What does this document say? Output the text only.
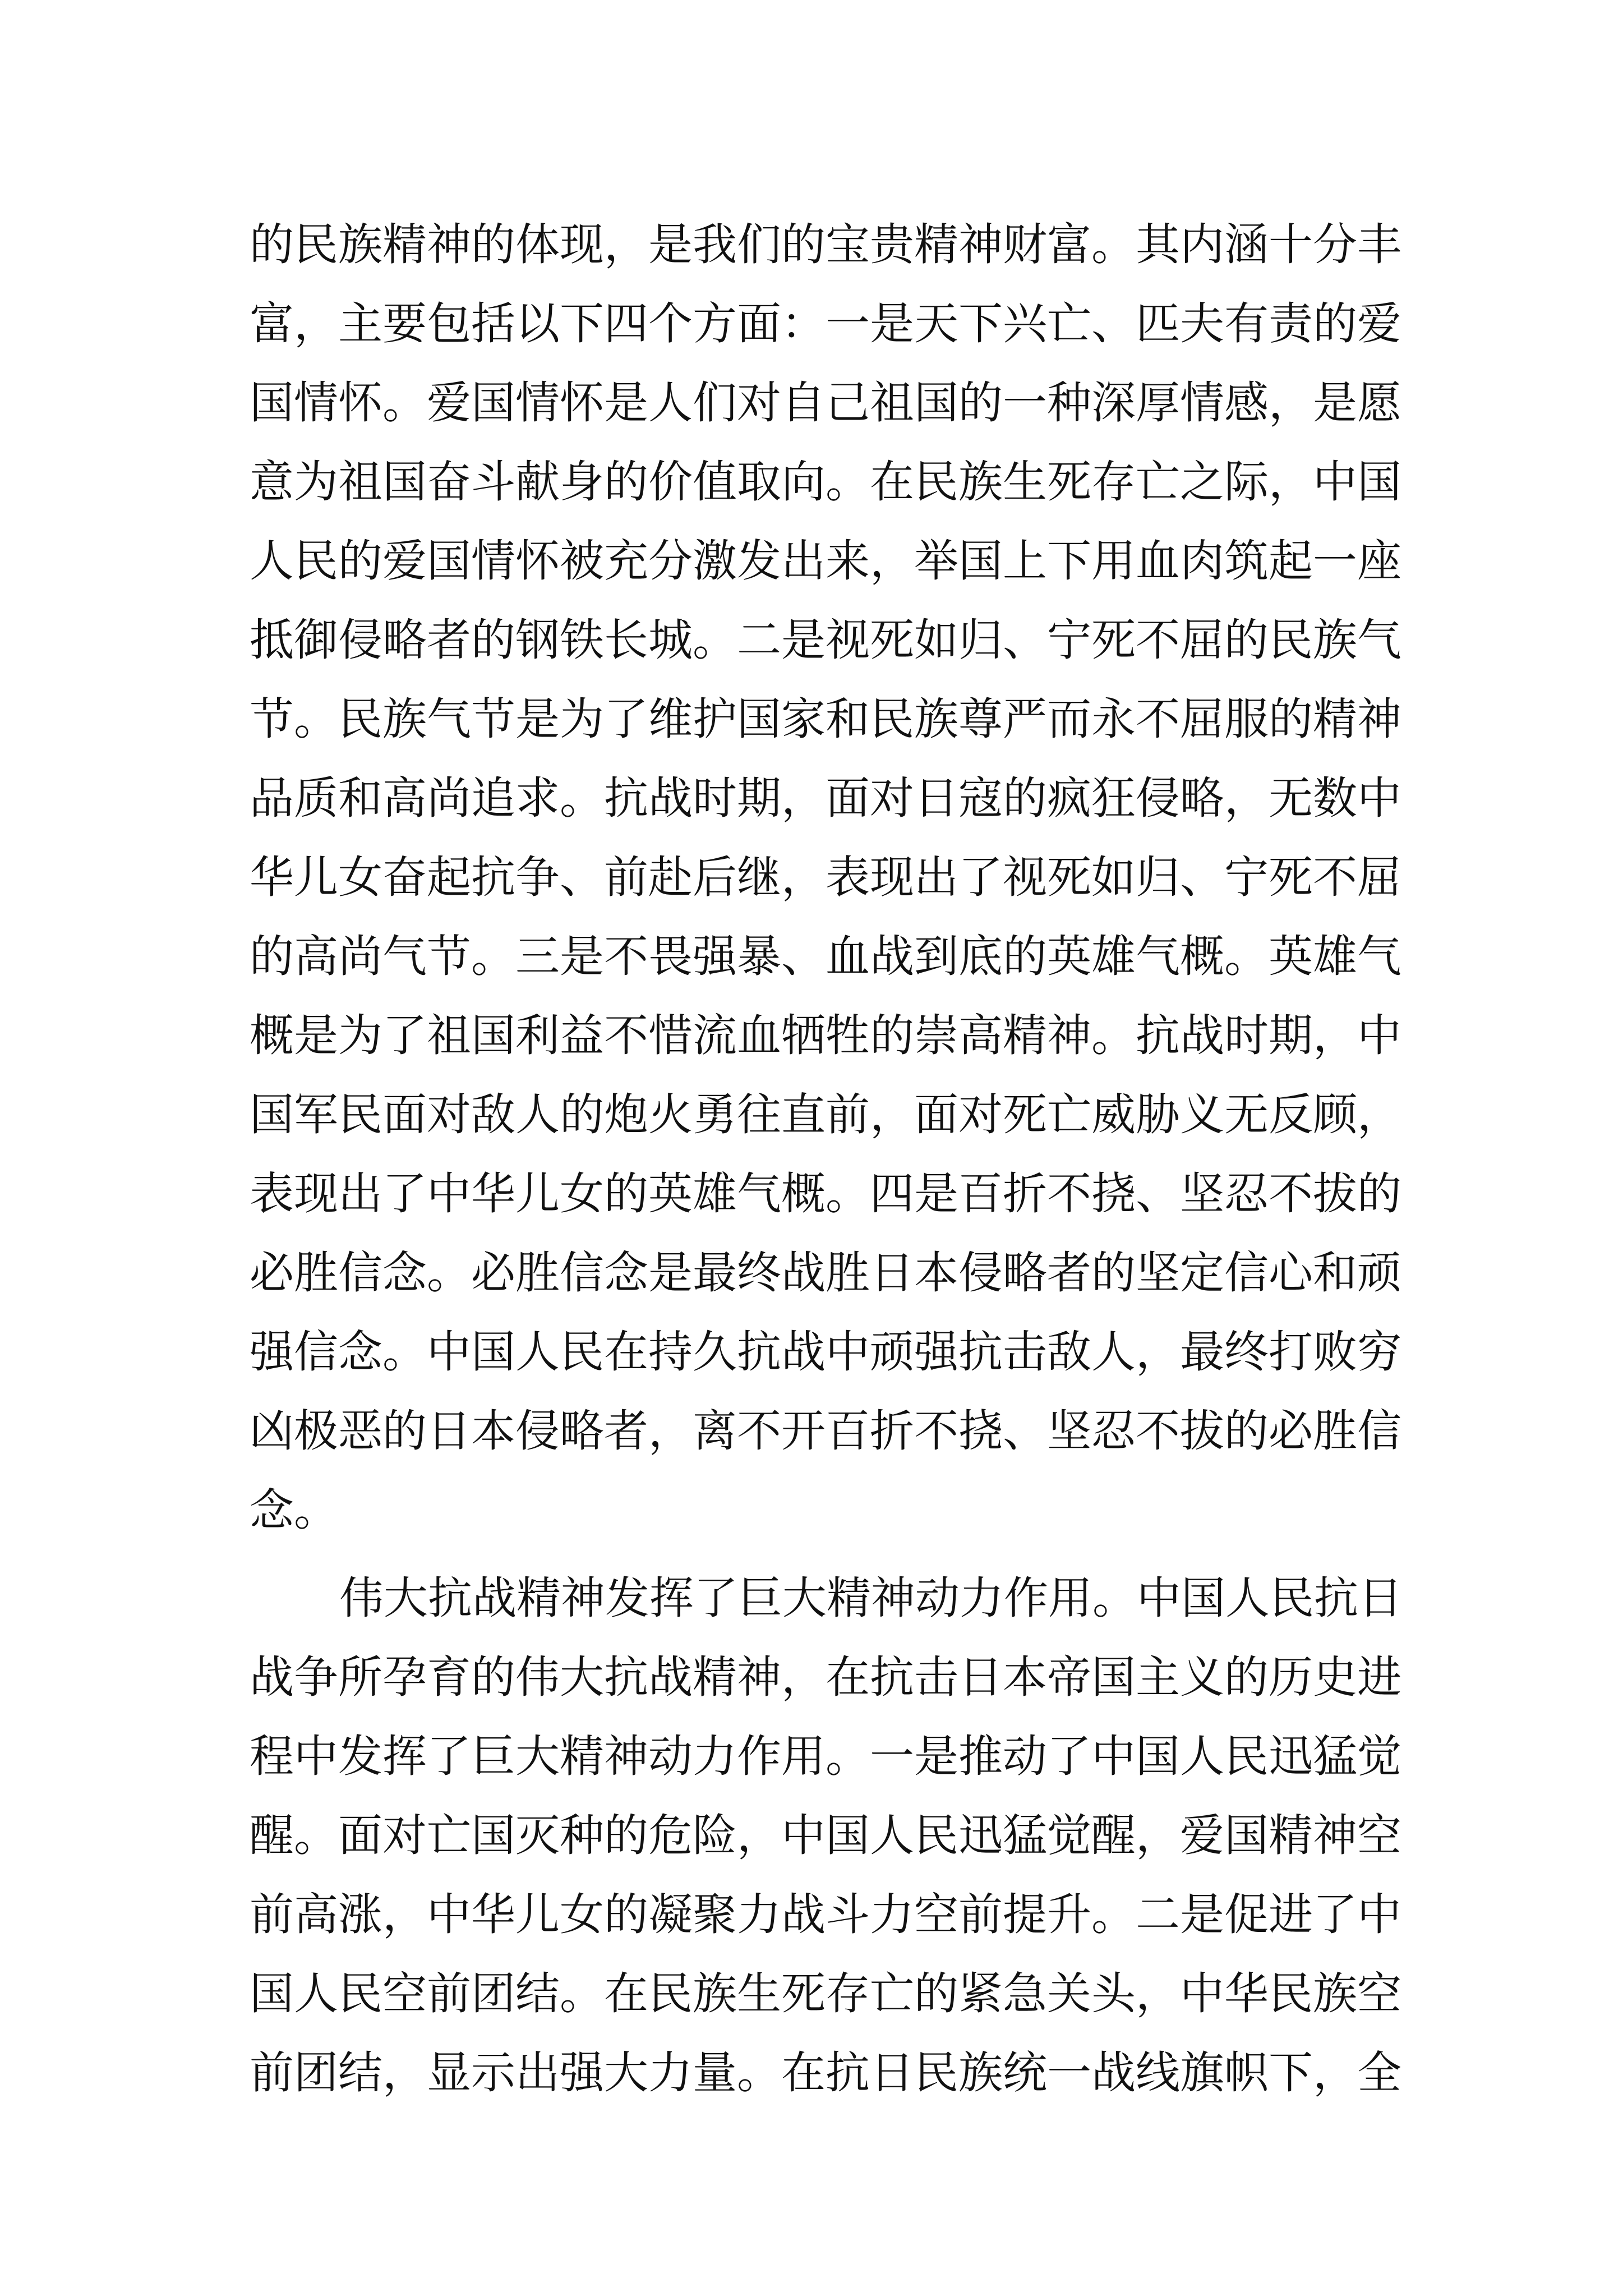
的民族精神的体现，是我们的宝贵精神财富。其内涵十分丰
富，主要包括以下四个方面：一是天下兴亡、匹夫有责的爱
国情怀。爱国情怀是人们对自己祖国的一种深厚情感，是愿
意为祖国奋斗献身的价值取向。在民族生死存亡之际，中国
人民的爱国情怀被充分激发出来，举国上下用血肉筑起一座
抵御侵略者的钢铁长城。二是视死如归、宁死不屈的民族气
节。民族气节是为了维护国家和民族尊严而永不屈服的精神
品质和高尚追求。抗战时期，面对日寇的疯狂侵略，无数中
华儿女奋起抗争、前赴后继，表现出了视死如归、宁死不屈
的高尚气节。三是不畏强暴、血战到底的英雄气概。英雄气
概是为了祖国利益不惜流血牺牲的崇高精神。抗战时期，中
国军民面对敌人的炮火勇往直前，面对死亡威胁义无反顾，
表现出了中华儿女的英雄气概。四是百折不挠、坚忍不拔的
必胜信念。必胜信念是最终战胜日本侵略者的坚定信心和顽
强信念。中国人民在持久抗战中顽强抗击敌人，最终打败穷
凶极恶的日本侵略者，离不开百折不挠、坚忍不拔的必胜信
念。
伟大抗战精神发挥了巨大精神动力作用。中国人民抗日
战争所孕育的伟大抗战精神，在抗击日本帝国主义的历史进
程中发挥了巨大精神动力作用。一是推动了中国人民迅猛觉
醒。面对亡国灭种的危险，中国人民迅猛觉醒，爱国精神空
前高涨，中华儿女的凝聚力战斗力空前提升。二是促进了中
国人民空前团结。在民族生死存亡的紧急关头，中华民族空
前团结，显示出强大力量。在抗日民族统一战线旗帜下，全
